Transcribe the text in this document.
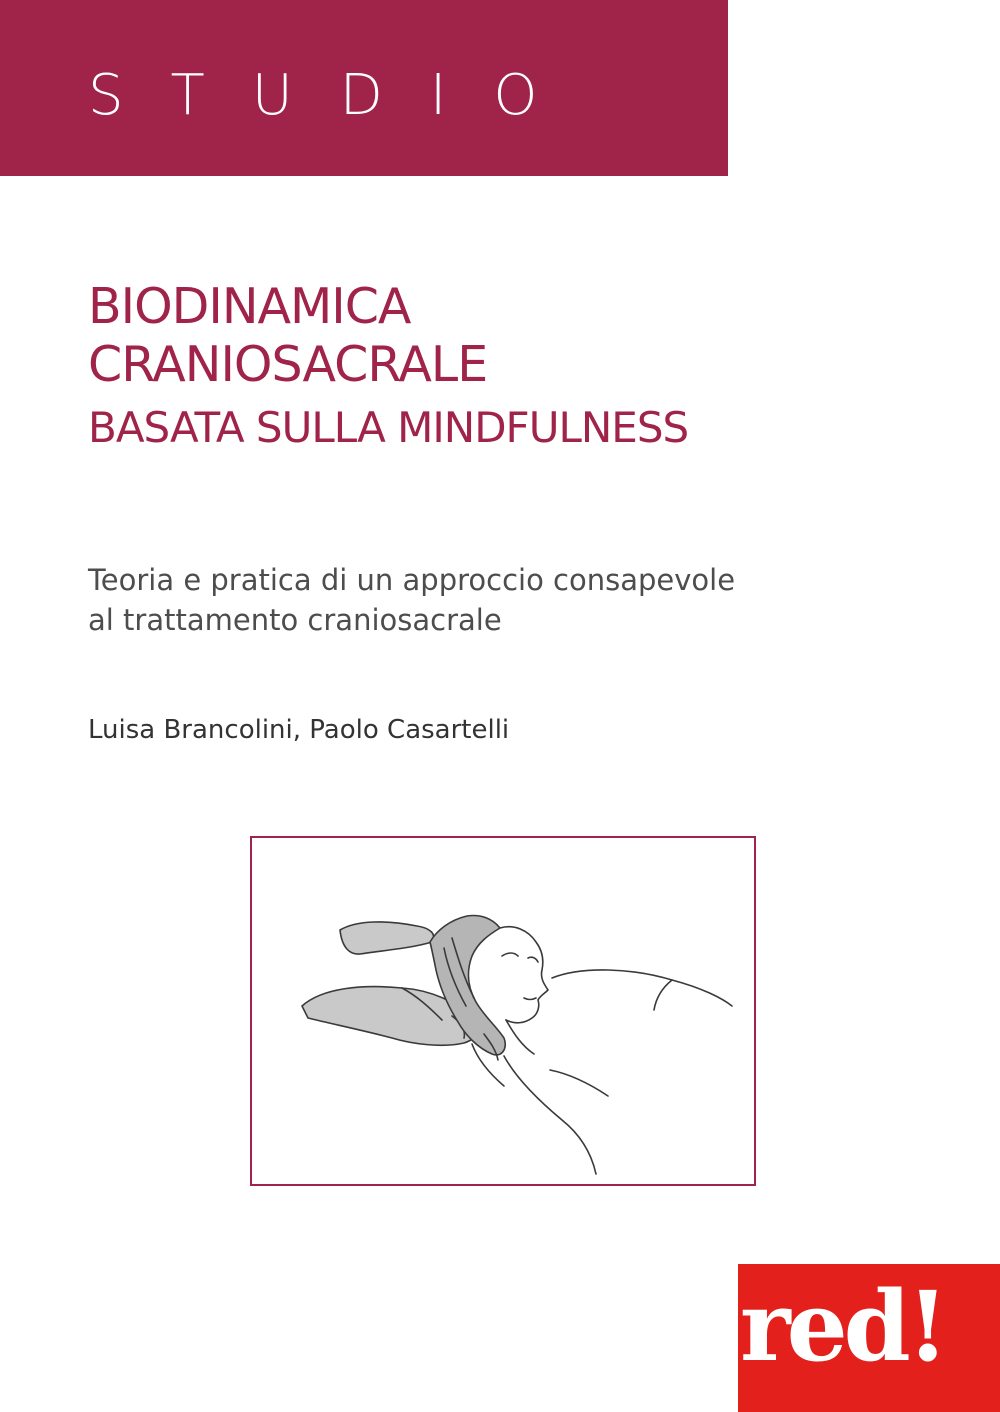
STUDIO
BIODINAMICA
CRANIOSACRALE
BASATA SULLA MINDFULNESS
Teoria e pratica di un approccio consapevole
al trattamento craniosacrale
Luisa Brancolini, Paolo Casartelli
red!
